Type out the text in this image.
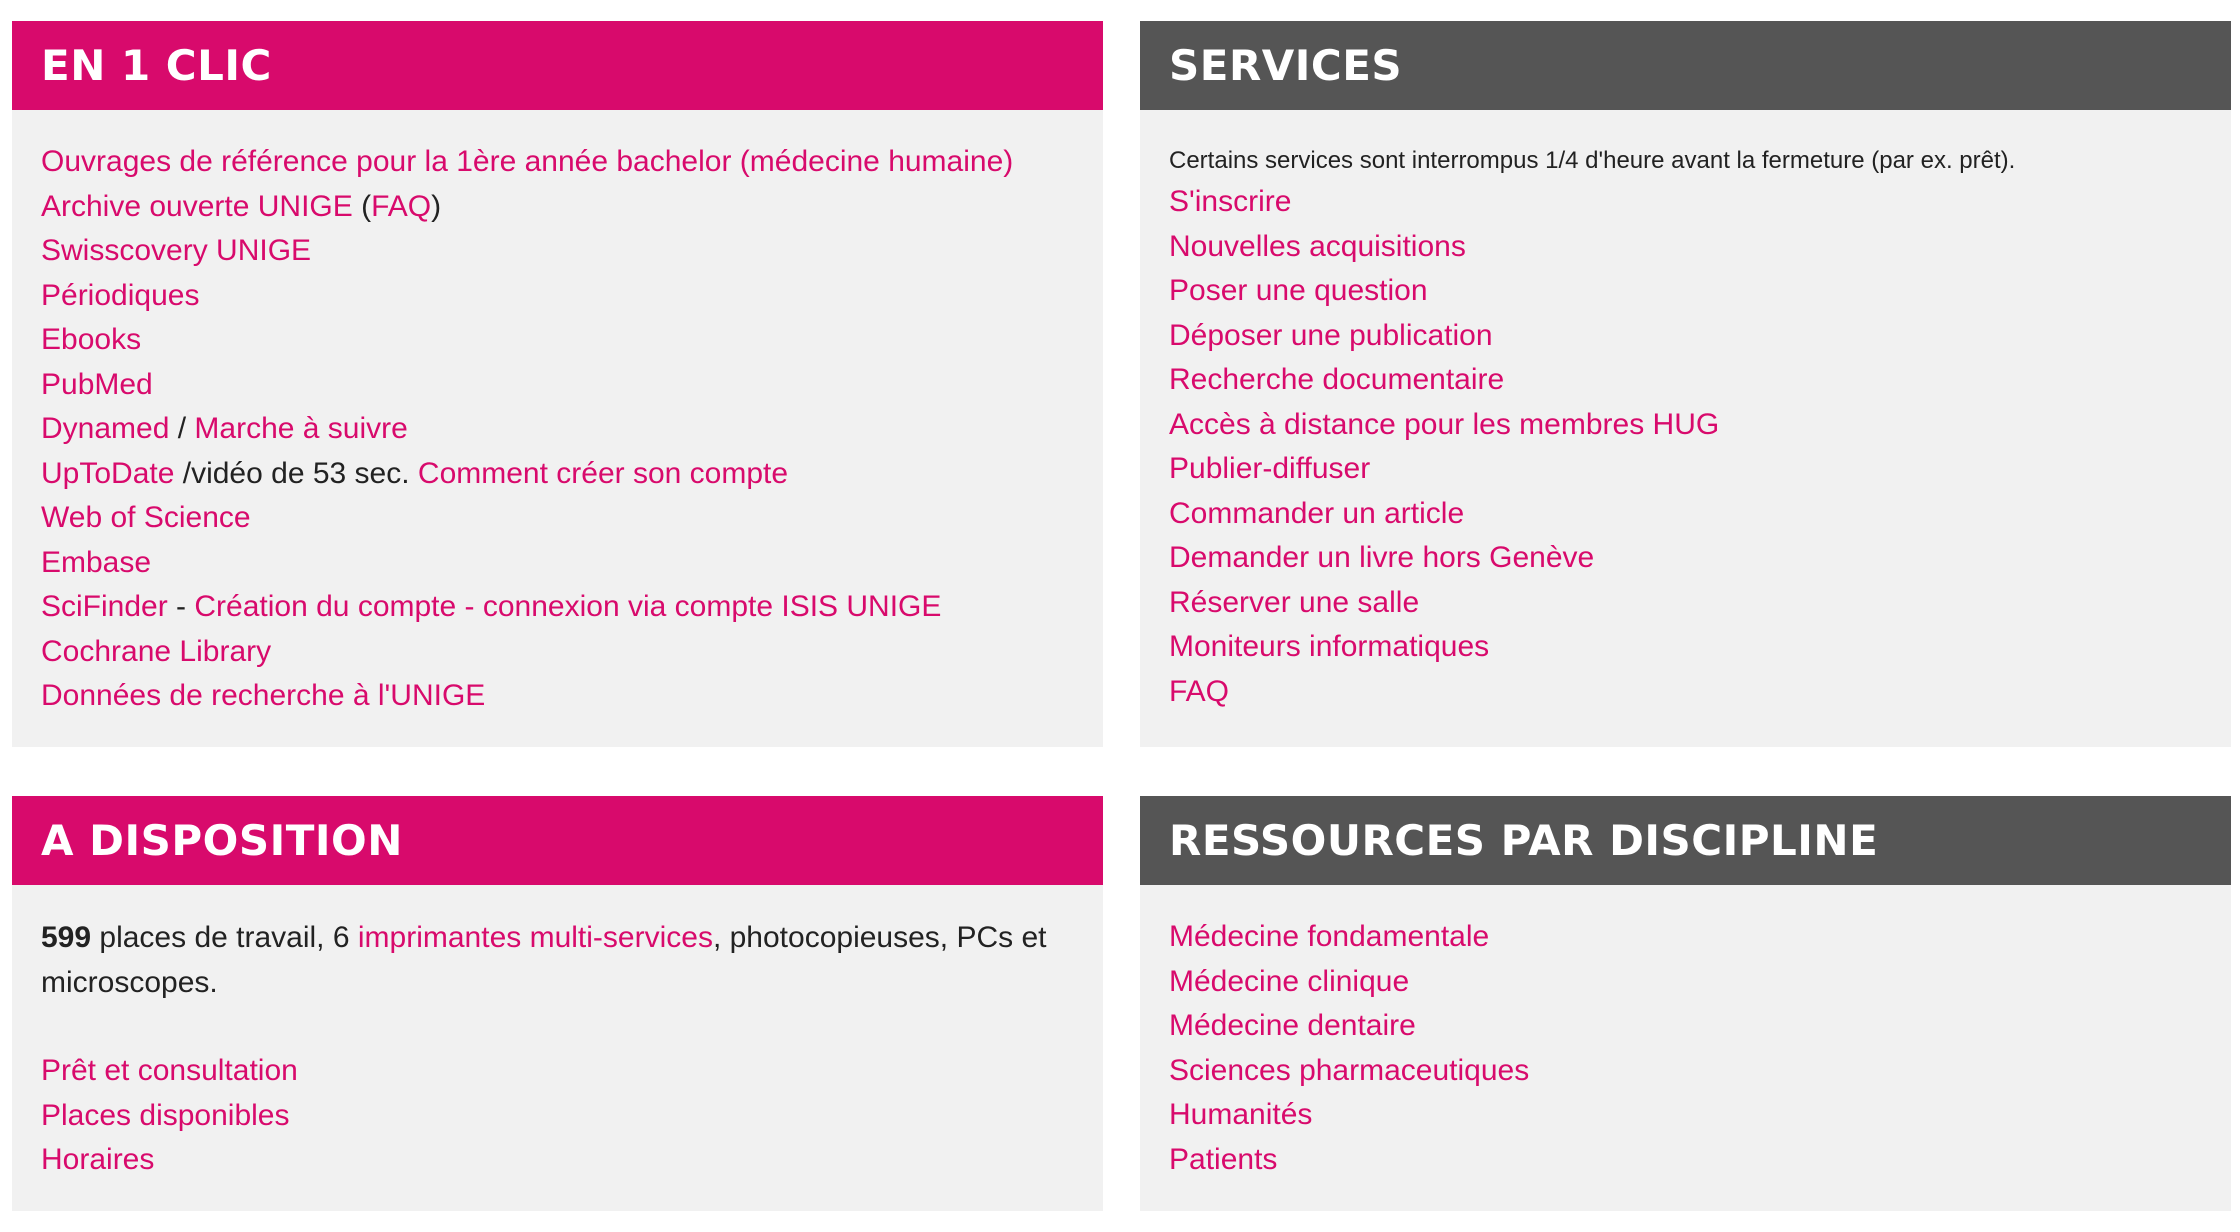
EN 1 CLIC
Ouvrages de référence pour la 1ère année bachelor (médecine humaine)
Archive ouverte UNIGE (FAQ)
Swisscovery UNIGE
Périodiques
Ebooks
PubMed
Dynamed / Marche à suivre
UpToDate /vidéo de 53 sec. Comment créer son compte
Web of Science
Embase
SciFinder - Création du compte - connexion via compte ISIS UNIGE
Cochrane Library
Données de recherche à l'UNIGE
SERVICES
Certains services sont interrompus 1/4 d'heure avant la fermeture (par ex. prêt).
S'inscrire
Nouvelles acquisitions
Poser une question
Déposer une publication
Recherche documentaire
Accès à distance pour les membres HUG
Publier-diffuser
Commander un article
Demander un livre hors Genève
Réserver une salle
Moniteurs informatiques
FAQ
A DISPOSITION

599 places de travail, 6 imprimantes multi-services, photocopieuses, PCs et microscopes.

Prêt et consultation
Places disponibles
Horaires
RESSOURCES PAR DISCIPLINE
Médecine fondamentale
Médecine clinique
Médecine dentaire
Sciences pharmaceutiques
Humanités
Patients
